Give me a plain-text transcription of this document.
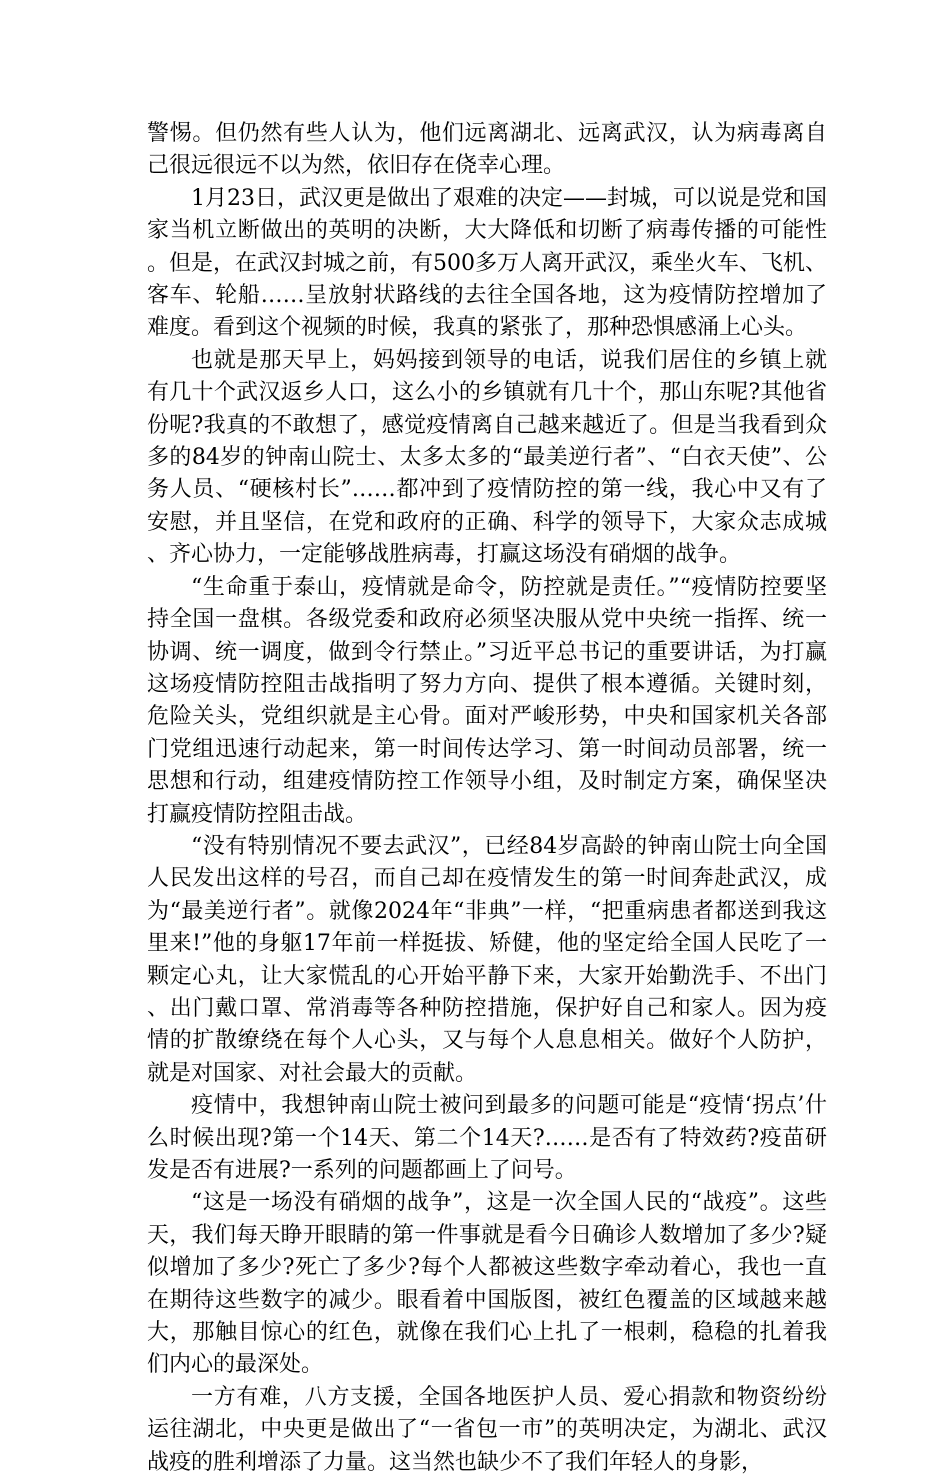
警惕。但仍然有些人认为，他们远离湖北、远离武汉，认为病毒离自己很远很远不以为然，依旧存在侥幸心理。

1月23日，武汉更是做出了艰难的决定——封城，可以说是党和国家当机立断做出的英明的决断，大大降低和切断了病毒传播的可能性。但是，在武汉封城之前，有500多万人离开武汉，乘坐火车、飞机、客车、轮船……呈放射状路线的去往全国各地，这为疫情防控增加了难度。看到这个视频的时候，我真的紧张了，那种恐惧感涌上心头。

也就是那天早上，妈妈接到领导的电话，说我们居住的乡镇上就有几十个武汉返乡人口，这么小的乡镇就有几十个，那山东呢?其他省份呢?我真的不敢想了，感觉疫情离自己越来越近了。但是当我看到众多的84岁的钟南山院士、太多太多的“最美逆行者”、“白衣天使”、公务人员、“硬核村长”……都冲到了疫情防控的第一线，我心中又有了安慰，并且坚信，在党和政府的正确、科学的领导下，大家众志成城、齐心协力，一定能够战胜病毒，打赢这场没有硝烟的战争。

“生命重于泰山，疫情就是命令，防控就是责任。”“疫情防控要坚持全国一盘棋。各级党委和政府必须坚决服从党中央统一指挥、统一协调、统一调度，做到令行禁止。”习近平总书记的重要讲话，为打赢这场疫情防控阻击战指明了努力方向、提供了根本遵循。关键时刻，危险关头，党组织就是主心骨。面对严峻形势，中央和国家机关各部门党组迅速行动起来，第一时间传达学习、第一时间动员部署，统一思想和行动，组建疫情防控工作领导小组，及时制定方案，确保坚决打赢疫情防控阻击战。

“没有特别情况不要去武汉”，已经84岁高龄的钟南山院士向全国人民发出这样的号召，而自己却在疫情发生的第一时间奔赴武汉，成为“最美逆行者”。就像2024年“非典”一样，“把重病患者都送到我这里来!”他的身躯17年前一样挺拔、矫健，他的坚定给全国人民吃了一颗定心丸，让大家慌乱的心开始平静下来，大家开始勤洗手、不出门、出门戴口罩、常消毒等各种防控措施，保护好自己和家人。因为疫情的扩散缭绕在每个人心头，又与每个人息息相关。做好个人防护，就是对国家、对社会最大的贡献。

疫情中，我想钟南山院士被问到最多的问题可能是“疫情‘拐点’什么时候出现?第一个14天、第二个14天?……是否有了特效药?疫苗研发是否有进展?一系列的问题都画上了问号。

“这是一场没有硝烟的战争”，这是一次全国人民的“战疫”。这些天，我们每天睁开眼睛的第一件事就是看今日确诊人数增加了多少?疑似增加了多少?死亡了多少?每个人都被这些数字牵动着心，我也一直在期待这些数字的减少。眼看着中国版图，被红色覆盖的区域越来越大，那触目惊心的红色，就像在我们心上扎了一根刺，稳稳的扎着我们内心的最深处。

一方有难，八方支援，全国各地医护人员、爱心捐款和物资纷纷运往湖北，中央更是做出了“一省包一市”的英明决定，为湖北、武汉战疫的胜利增添了力量。这当然也缺少不了我们年轻人的身影，
